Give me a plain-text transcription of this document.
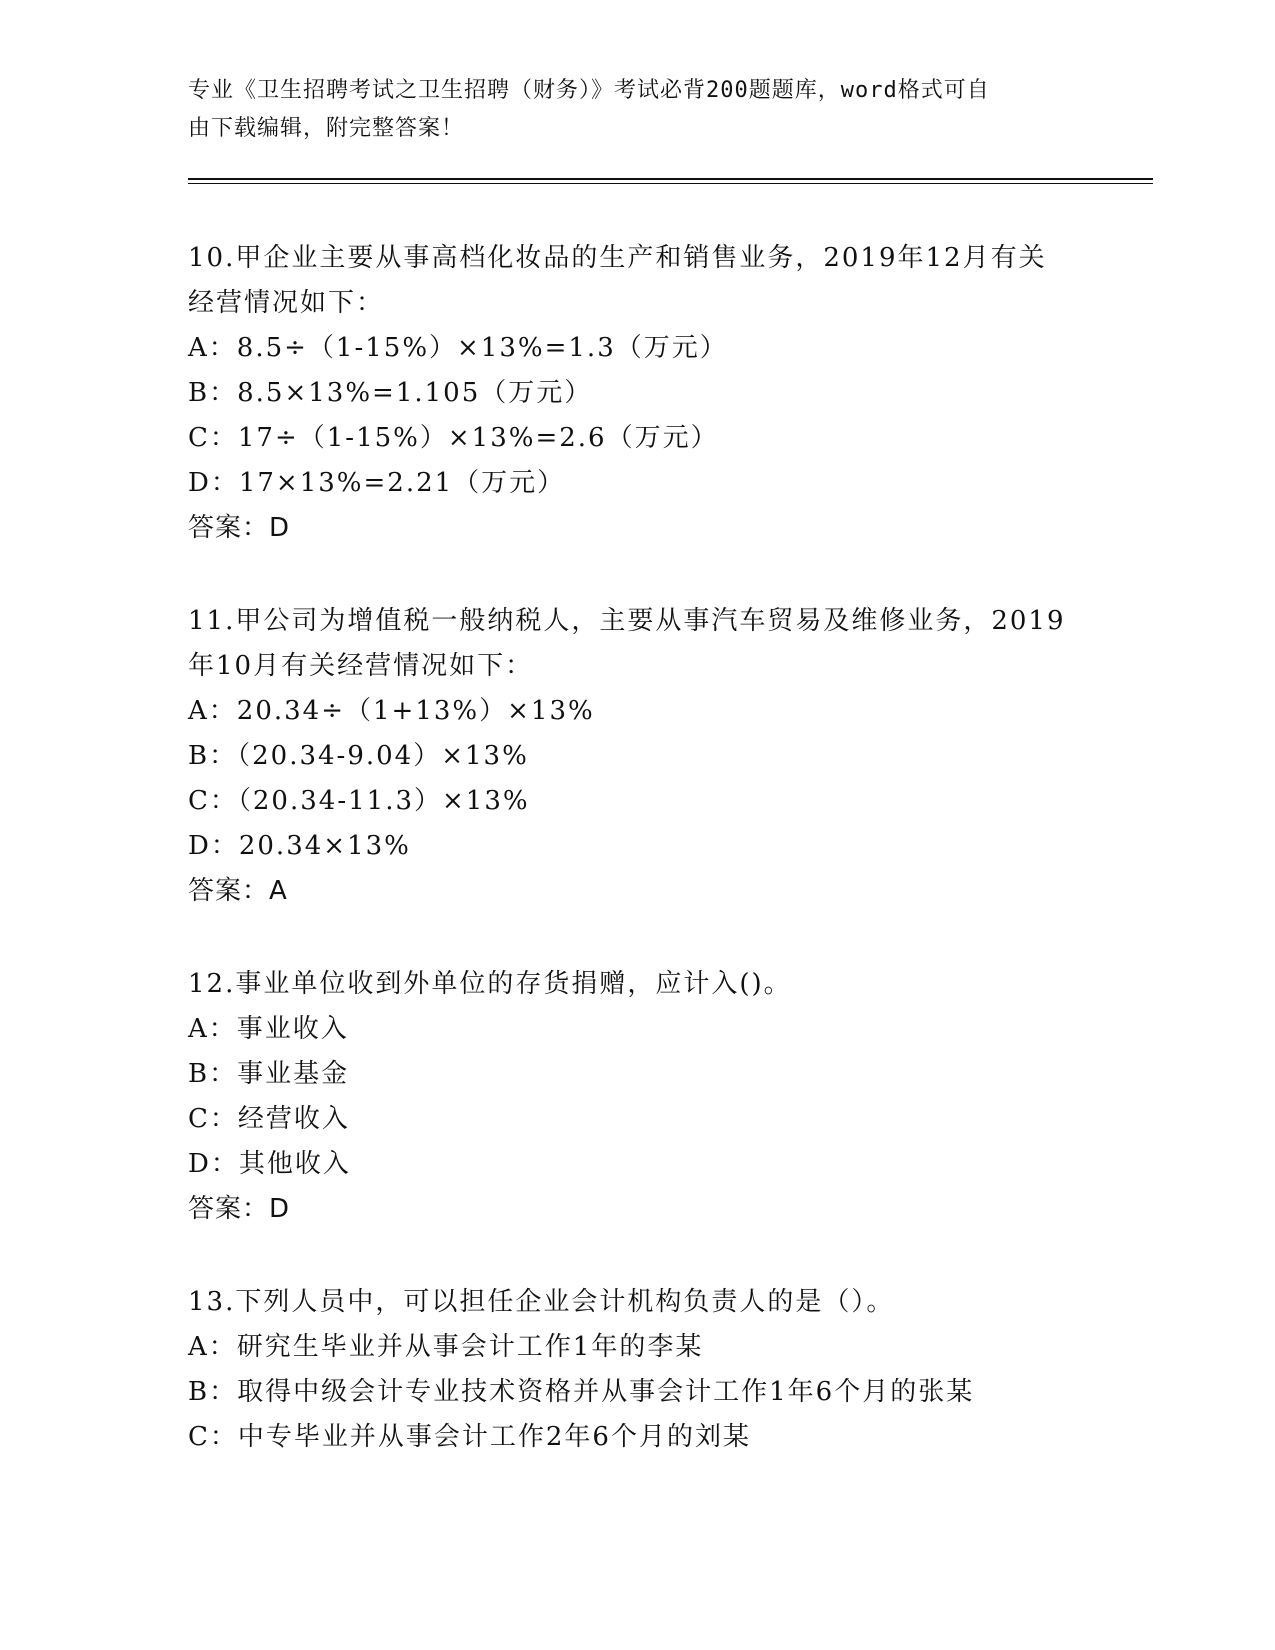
专业《卫生招聘考试之卫生招聘（财务）》考试必背200题题库，word格式可自
由下载编辑，附完整答案！
10.甲企业主要从事高档化妆品的生产和销售业务，2019年12月有关
经营情况如下：
A：8.5÷（1-15%）×13%=1.3（万元）
B：8.5×13%=1.105（万元）
C：17÷（1-15%）×13%=2.6（万元）
D：17×13%=2.21（万元）
答案：D
11.甲公司为增值税一般纳税人，主要从事汽车贸易及维修业务，2019
年10月有关经营情况如下：
A：20.34÷（1+13%）×13%
B：（20.34-9.04）×13%
C：（20.34-11.3）×13%
D：20.34×13%
答案：A
12.事业单位收到外单位的存货捐赠，应计入()。
A：事业收入
B：事业基金
C：经营收入
D：其他收入
答案：D
13.下列人员中，可以担任企业会计机构负责人的是（）。
A：研究生毕业并从事会计工作1年的李某
B：取得中级会计专业技术资格并从事会计工作1年6个月的张某
C：中专毕业并从事会计工作2年6个月的刘某
